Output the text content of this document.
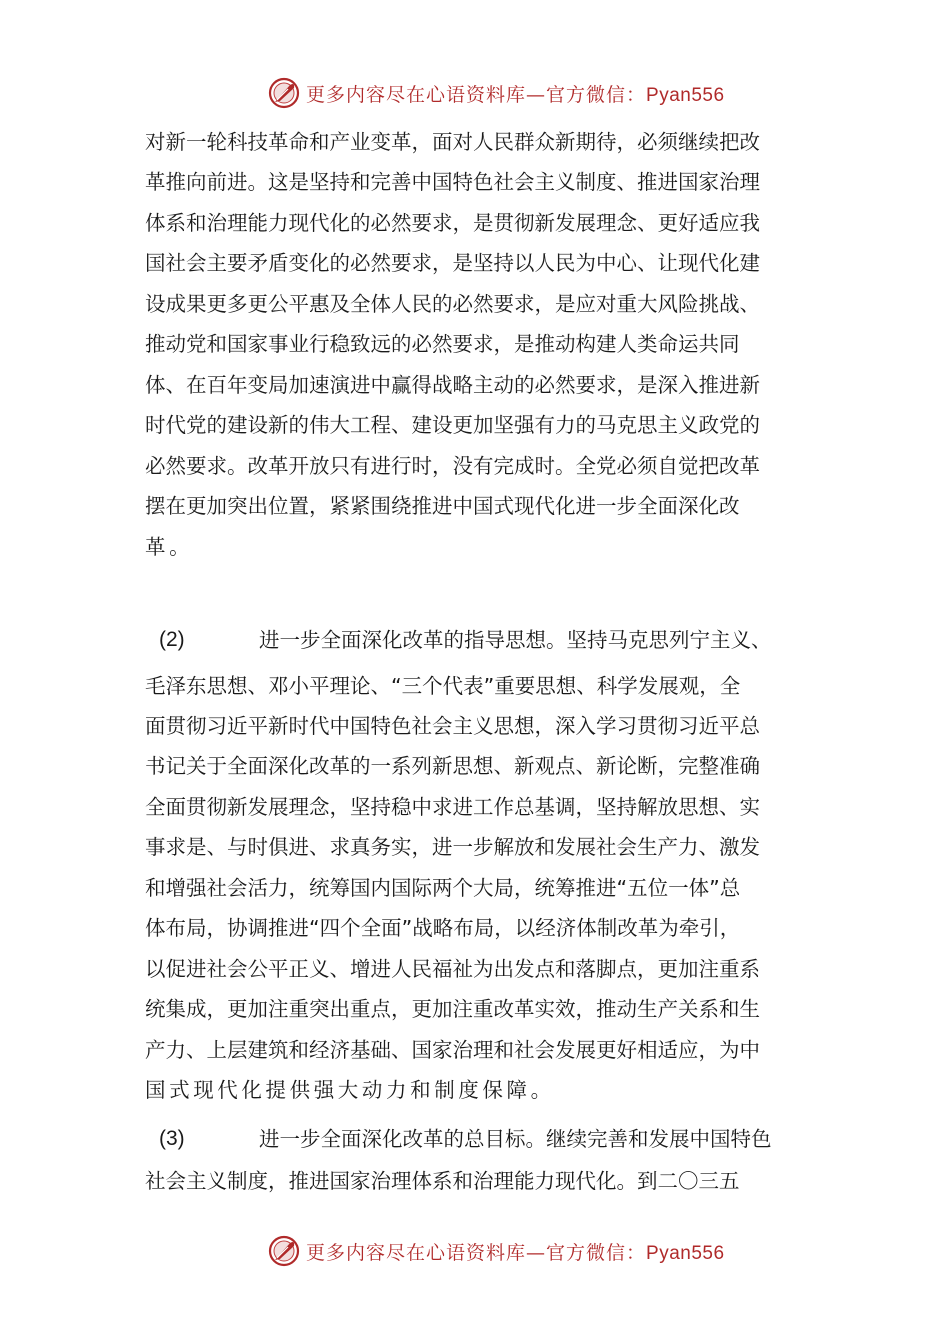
更多内容尽在心语资料库—官方微信：Pyan556
对新一轮科技革命和产业变革，面对人民群众新期待，必须继续把改
革推向前进。这是坚持和完善中国特色社会主义制度、推进国家治理
体系和治理能力现代化的必然要求，是贯彻新发展理念、更好适应我
国社会主要矛盾变化的必然要求，是坚持以人民为中心、让现代化建
设成果更多更公平惠及全体人民的必然要求，是应对重大风险挑战、
推动党和国家事业行稳致远的必然要求，是推动构建人类命运共同
体、在百年变局加速演进中赢得战略主动的必然要求，是深入推进新
时代党的建设新的伟大工程、建设更加坚强有力的马克思主义政党的
必然要求。改革开放只有进行时，没有完成时。全党必须自觉把改革
摆在更加突出位置，紧紧围绕推进中国式现代化进一步全面深化改
革。
(2)	进一步全面深化改革的指导思想。坚持马克思列宁主义、
毛泽东思想、邓小平理论、“三个代表”重要思想、科学发展观，全
面贯彻习近平新时代中国特色社会主义思想，深入学习贯彻习近平总
书记关于全面深化改革的一系列新思想、新观点、新论断，完整准确
全面贯彻新发展理念，坚持稳中求进工作总基调，坚持解放思想、实
事求是、与时俱进、求真务实，进一步解放和发展社会生产力、激发
和增强社会活力，统筹国内国际两个大局，统筹推进“五位一体”总
体布局，协调推进“四个全面”战略布局，以经济体制改革为牵引，
以促进社会公平正义、增进人民福祉为出发点和落脚点，更加注重系
统集成，更加注重突出重点，更加注重改革实效，推动生产关系和生
产力、上层建筑和经济基础、国家治理和社会发展更好相适应，为中
国式现代化提供强大动力和制度保障。
(3)	进一步全面深化改革的总目标。继续完善和发展中国特色
社会主义制度，推进国家治理体系和治理能力现代化。到二〇三五
更多内容尽在心语资料库—官方微信：Pyan556
